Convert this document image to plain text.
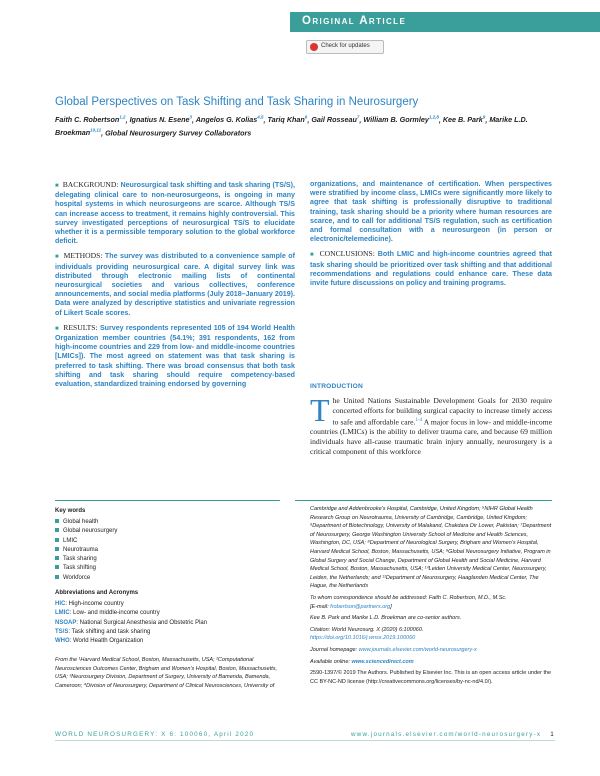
Original Article
Check for updates
Global Perspectives on Task Shifting and Task Sharing in Neurosurgery
Faith C. Robertson$^{1,2}$, Ignatius N. Esene$^3$, Angelos G. Kolias$^{4,5}$, Tariq Khan$^6$, Gail Rosseau$^7$, William B. Gormley$^{1,2,8}$, Kee B. Park$^9$, Marike L.D. Broekman$^{10,11}$, Global Neurosurgery Survey Collaborators

■ BACKGROUND: Neurosurgical task shifting and task sharing (TS/S), delegating clinical care to non-neurosurgeons, is ongoing in many hospital systems in which neurosurgeons are scarce. Although TS/S can increase access to treatment, it remains highly controversial. This survey investigated perceptions of neurosurgical TS/S to elucidate whether it is a permissible temporary solution to the global workforce deficit.

■ METHODS: The survey was distributed to a convenience sample of individuals providing neurosurgical care. A digital survey link was distributed through electronic mailing lists of continental neurosurgical societies and various collectives, conference announcements, and social media platforms (July 2018–January 2019). Data were analyzed by descriptive statistics and univariate regression of Likert Scale scores.

■ RESULTS: Survey respondents represented 105 of 194 World Health Organization member countries (54.1%; 391 respondents, 162 from high-income countries and 229 from low- and middle-income countries [LMICs]). The most agreed on statement was that task sharing is preferred to task shifting. There was broad consensus that both task shifting and task sharing should require competency-based evaluation, standardized training endorsed by governing

organizations, and maintenance of certification. When perspectives were stratified by income class, LMICs were significantly more likely to agree that task shifting is professionally disruptive to traditional training, task sharing should be a priority where human resources are scarce, and to call for additional TS/S regulation, such as certification and formal consultation with a neurosurgeon (in person or electronic/telemedicine).

■ CONCLUSIONS: Both LMIC and high-income countries agreed that task sharing should be prioritized over task shifting and that additional recommendations and regulations could enhance care. These data invite future discussions on policy and training programs.

INTRODUCTION
The United Nations Sustainable Development Goals for 2030 require concerted efforts for building surgical capacity to increase timely access to safe and affordable care.$^{1-4}$ A major focus in low- and middle-income countries (LMICs) is the ability to deliver trauma care, and because 69 million individuals have all-cause traumatic brain injury annually, neurosurgery is a critical component of this workforce
Key words
Global health
Global neurosurgery
LMIC
Neurotrauma
Task sharing
Task shifting
Workforce
Abbreviations and Acronyms
HIC: High-income country
LMIC: Low- and middle-income country
NSOAP: National Surgical Anesthesia and Obstetric Plan
TS/S: Task shifting and task sharing
WHO: World Health Organization
From the ¹Harvard Medical School, Boston, Massachusetts, USA; ²Computational Neurosciences Outcomes Center, Brigham and Women's Hospital, Boston, Massachusetts, USA; ³Neurosurgery Division, Department of Surgery, University of Bamenda, Bamenda, Cameroon; ⁴Division of Neurosurgery, Department of Clinical Neurosciences, University of

Cambridge and Addenbrooke's Hospital, Cambridge, United Kingdom; ⁵NIHR Global Health Research Group on Neurotrauma, University of Cambridge, Cambridge, United Kingdom; ⁶Department of Biotechnology, University of Malakand, Chakdara Dir Lower, Pakistan; ⁷Department of Neurosurgery, George Washington University School of Medicine and Health Sciences, Washington, DC, USA; ⁸Department of Neurological Surgery, Brigham and Women's Hospital, Harvard Medical School, Boston, Massachusetts, USA; ⁹Global Neurosurgery Initiative, Program in Global Surgery and Social Change, Department of Global Health and Social Medicine, Harvard Medical School, Boston, Massachusetts, USA; ¹⁰Leiden University Medical Center, Neurosurgery, Leiden, the Netherlands; and ¹¹Department of Neurosurgery, Haaglanden Medical Center, The Hague, the Netherlands

To whom correspondence should be addressed: Faith C. Robertson, M.D., M.Sc.

[E-mail: frobertson@partners.org]

Kee B. Park and Marike L.D. Broekman are co-senior authors.

Citation: World Neurosurg. X (2020) 6:100060.

https://doi.org/10.1016/j.wnsx.2019.100060

Journal homepage: www.journals.elsevier.com/world-neurosurgery-x

Available online: www.sciencedirect.com

2590-1397/© 2019 The Authors. Published by Elsevier Inc. This is an open access article under the CC BY-NC-ND license (http://creativecommons.org/licenses/by-nc-nd/4.0/).

WORLD NEUROSURGERY: X 6: 100060, April 2020	www.journals.elsevier.com/world-neurosurgery-x 1
